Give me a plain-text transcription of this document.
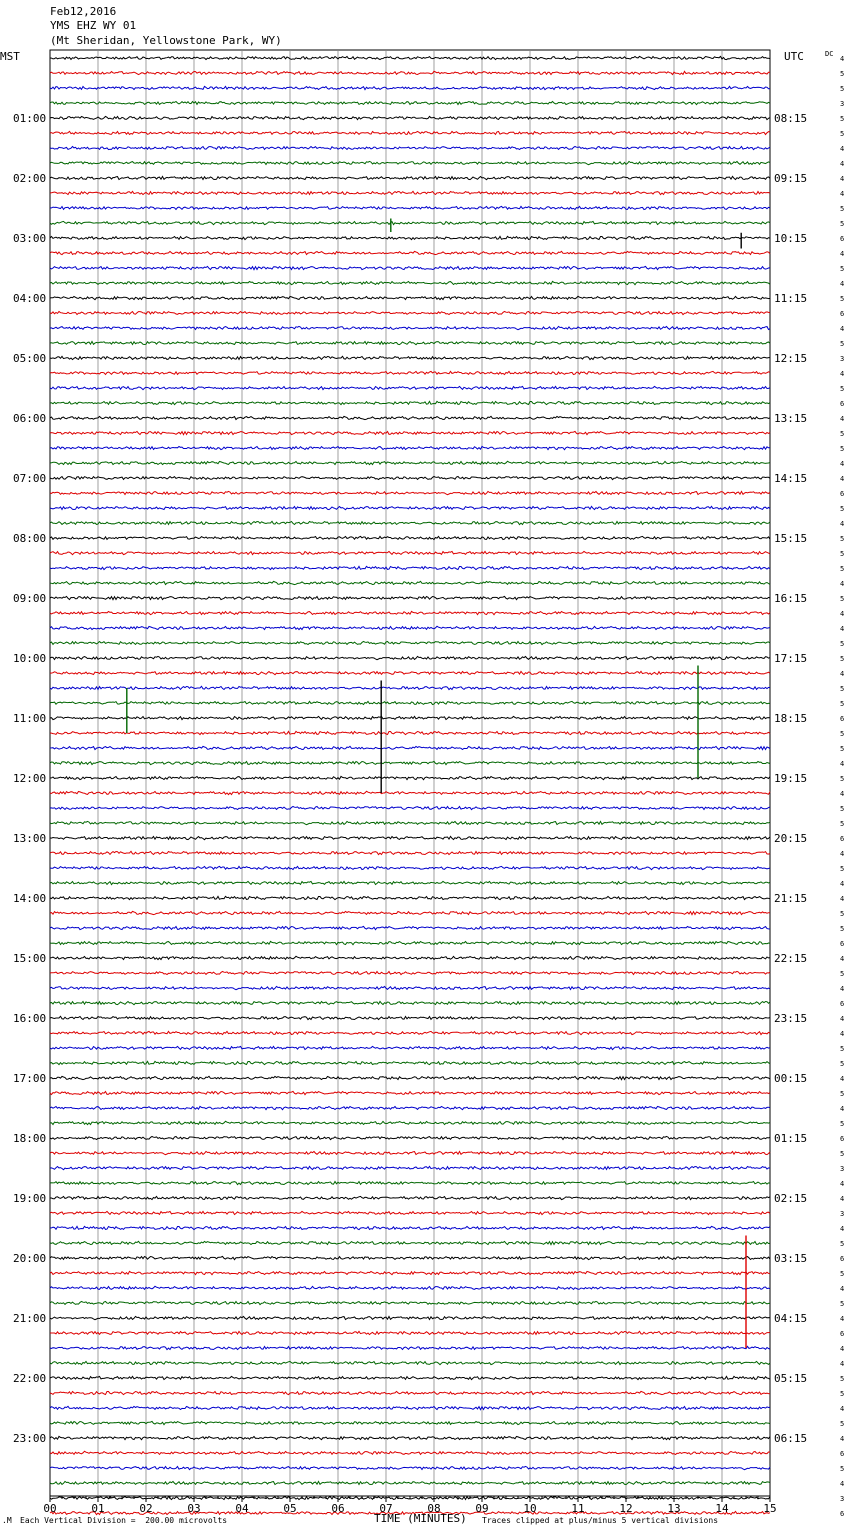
Feb12,2016
YMS EHZ WY 01
(Mt Sheridan, Yellowstone Park, WY)
MST	UTC	DC
01:00
02:00
03:00
04:00
05:00
06:00
07:00
08:00
09:00
10:00
11:00
12:00
13:00
14:00
15:00
16:00
17:00
18:00
19:00
20:00
21:00
22:00
23:00
08:15
09:15
10:15
11:15
12:15
13:15
14:15
15:15
16:15
17:15
18:15
19:15
20:15
21:15
22:15
23:15
00:15
01:15
02:15
03:15
04:15
05:15
06:15
4
5
5
3
5
5
4
4
4
4
5
5
6
4
5
4
5
6
4
5
3
4
5
6
4
5
5
4
4
6
5
4
5
5
5
4
5
4
4
5
5
4
5
5
6
5
5
4
5
4
5
5
6
4
5
4
4
5
5
6
4
5
4
6
4
4
5
5
4
5
4
5
6
5
3
4
4
3
4
5
6
5
4
5
4
6
4
4
5
5
4
5
4
6
5
4
3
6
00	01	02	03	04	05	06	07	08	09	10	11	12	13	14	15
.M Each Vertical Division =  200.00 microvolts	TIME (MINUTES) Traces clipped at plus/minus 5 vertical divisions
